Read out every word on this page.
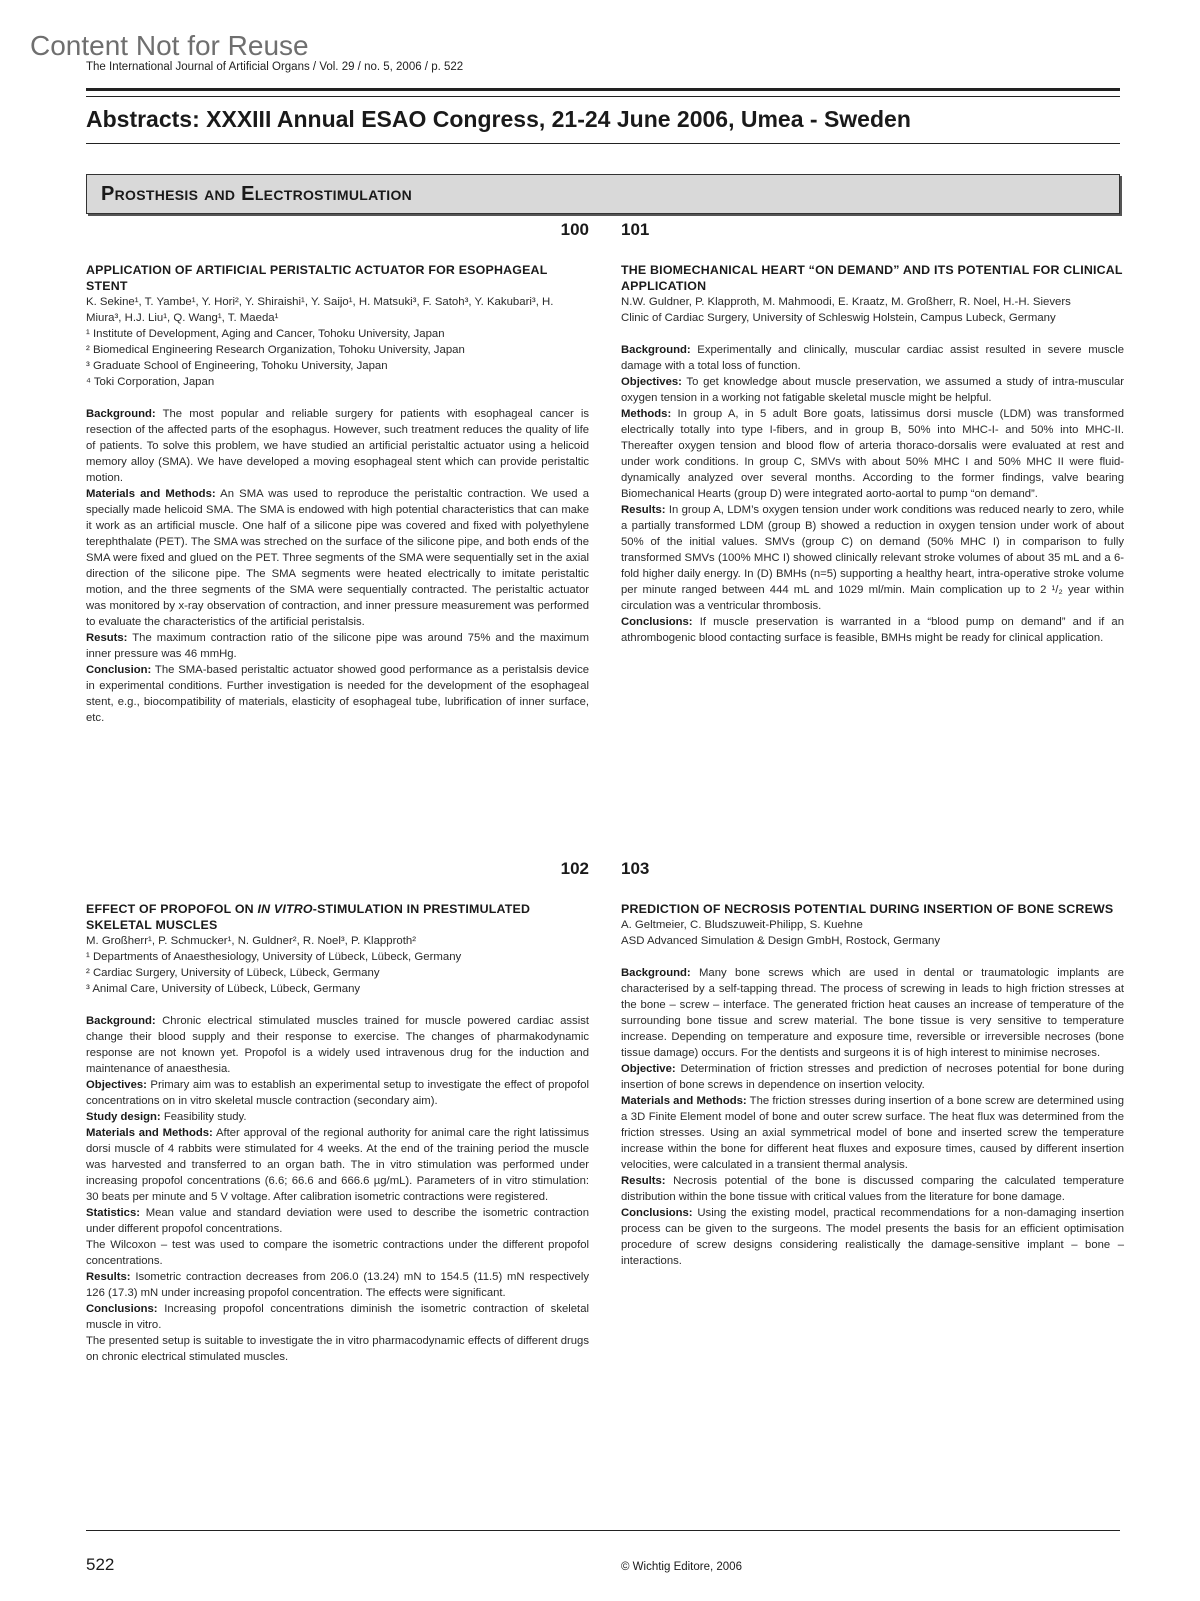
Content Not for Reuse
The International Journal of Artificial Organs / Vol. 29 / no. 5, 2006 / p. 522
Abstracts: XXXIII Annual ESAO Congress, 21-24 June 2006, Umea - Sweden
Prosthesis and Electrostimulation
100
APPLICATION OF ARTIFICIAL PERISTALTIC ACTUATOR FOR ESOPHAGEAL STENT
K. Sekine¹, T. Yambe¹, Y. Hori², Y. Shiraishi¹, Y. Saijo¹, H. Matsuki³, F. Satoh³, Y. Kakubari³, H. Miura³, H.J. Liu¹, Q. Wang¹, T. Maeda¹
¹ Institute of Development, Aging and Cancer, Tohoku University, Japan
² Biomedical Engineering Research Organization, Tohoku University, Japan
³ Graduate School of Engineering, Tohoku University, Japan
⁴ Toki Corporation, Japan
Background: The most popular and reliable surgery for patients with esophageal cancer is resection of the affected parts of the esophagus. However, such treatment reduces the quality of life of patients. To solve this problem, we have studied an artificial peristaltic actuator using a helicoid memory alloy (SMA). We have developed a moving esophageal stent which can provide peristaltic motion.
Materials and Methods: An SMA was used to reproduce the peristaltic contraction. We used a specially made helicoid SMA. The SMA is endowed with high potential characteristics that can make it work as an artificial muscle. One half of a silicone pipe was covered and fixed with polyethylene terephthalate (PET). The SMA was streched on the surface of the silicone pipe, and both ends of the SMA were fixed and glued on the PET. Three segments of the SMA were sequentially set in the axial direction of the silicone pipe. The SMA segments were heated electrically to imitate peristaltic motion, and the three segments of the SMA were sequentially contracted. The peristaltic actuator was monitored by x-ray observation of contraction, and inner pressure measurement was performed to evaluate the characteristics of the artificial peristalsis.
Resuts: The maximum contraction ratio of the silicone pipe was around 75% and the maximum inner pressure was 46 mmHg.
Conclusion: The SMA-based peristaltic actuator showed good performance as a peristalsis device in experimental conditions. Further investigation is needed for the development of the esophageal stent, e.g., biocompatibility of materials, elasticity of esophageal tube, lubrification of inner surface, etc.
101
THE BIOMECHANICAL HEART “ON DEMAND” AND ITS POTENTIAL FOR CLINICAL APPLICATION
N.W. Guldner, P. Klapproth, M. Mahmoodi, E. Kraatz, M. Großherr, R. Noel, H.-H. Sievers
Clinic of Cardiac Surgery, University of Schleswig Holstein, Campus Lubeck, Germany
Background: Experimentally and clinically, muscular cardiac assist resulted in severe muscle damage with a total loss of function.
Objectives: To get knowledge about muscle preservation, we assumed a study of intra-muscular oxygen tension in a working not fatigable skeletal muscle might be helpful.
Methods: In group A, in 5 adult Bore goats, latissimus dorsi muscle (LDM) was transformed electrically totally into type I-fibers, and in group B, 50% into MHC-I- and 50% into MHC-II. Thereafter oxygen tension and blood flow of arteria thoraco-dorsalis were evaluated at rest and under work conditions. In group C, SMVs with about 50% MHC I and 50% MHC II were fluid-dynamically analyzed over several months. According to the former findings, valve bearing Biomechanical Hearts (group D) were integrated aorto-aortal to pump “on demand”.
Results: In group A, LDM’s oxygen tension under work conditions was reduced nearly to zero, while a partially transformed LDM (group B) showed a reduction in oxygen tension under work of about 50% of the initial values. SMVs (group C) on demand (50% MHC I) in comparison to fully transformed SMVs (100% MHC I) showed clinically relevant stroke volumes of about 35 mL and a 6-fold higher daily energy. In (D) BMHs (n=5) supporting a healthy heart, intra-operative stroke volume per minute ranged between 444 mL and 1029 ml/min. Main complication up to 2 ¹/₂ year within circulation was a ventricular thrombosis.
Conclusions: If muscle preservation is warranted in a “blood pump on demand” and if an athrombogenic blood contacting surface is feasible, BMHs might be ready for clinical application.
102
EFFECT OF PROPOFOL ON IN VITRO-STIMULATION IN PRESTIMULATED SKELETAL MUSCLES
M. Großherr¹, P. Schmucker¹, N. Guldner², R. Noel³, P. Klapproth²
¹ Departments of Anaesthesiology, University of Lübeck, Lübeck, Germany
² Cardiac Surgery, University of Lübeck, Lübeck, Germany
³ Animal Care, University of Lübeck, Lübeck, Germany
Background: Chronic electrical stimulated muscles trained for muscle powered cardiac assist change their blood supply and their response to exercise. The changes of pharmakodynamic response are not known yet. Propofol is a widely used intravenous drug for the induction and maintenance of anaesthesia.
Objectives: Primary aim was to establish an experimental setup to investigate the effect of propofol concentrations on in vitro skeletal muscle contraction (secondary aim).
Study design: Feasibility study.
Materials and Methods: After approval of the regional authority for animal care the right latissimus dorsi muscle of 4 rabbits were stimulated for 4 weeks. At the end of the training period the muscle was harvested and transferred to an organ bath. The in vitro stimulation was performed under increasing propofol concentrations (6.6; 66.6 and 666.6 µg/mL). Parameters of in vitro stimulation: 30 beats per minute and 5 V voltage. After calibration isometric contractions were registered.
Statistics: Mean value and standard deviation were used to describe the isometric contraction under different propofol concentrations.
The Wilcoxon – test was used to compare the isometric contractions under the different propofol concentrations.
Results: Isometric contraction decreases from 206.0 (13.24) mN to 154.5 (11.5) mN respectively 126 (17.3) mN under increasing propofol concentration. The effects were significant.
Conclusions: Increasing propofol concentrations diminish the isometric contraction of skeletal muscle in vitro.
The presented setup is suitable to investigate the in vitro pharmacodynamic effects of different drugs on chronic electrical stimulated muscles.
103
PREDICTION OF NECROSIS POTENTIAL DURING INSERTION OF BONE SCREWS
A. Geltmeier, C. Bludszuweit-Philipp, S. Kuehne
ASD Advanced Simulation & Design GmbH, Rostock, Germany
Background: Many bone screws which are used in dental or traumatologic implants are characterised by a self-tapping thread. The process of screwing in leads to high friction stresses at the bone – screw – interface. The generated friction heat causes an increase of temperature of the surrounding bone tissue and screw material. The bone tissue is very sensitive to temperature increase. Depending on temperature and exposure time, reversible or irreversible necroses (bone tissue damage) occurs. For the dentists and surgeons it is of high interest to minimise necroses.
Objective: Determination of friction stresses and prediction of necroses potential for bone during insertion of bone screws in dependence on insertion velocity.
Materials and Methods: The friction stresses during insertion of a bone screw are determined using a 3D Finite Element model of bone and outer screw surface. The heat flux was determined from the friction stresses. Using an axial symmetrical model of bone and inserted screw the temperature increase within the bone for different heat fluxes and exposure times, caused by different insertion velocities, were calculated in a transient thermal analysis.
Results: Necrosis potential of the bone is discussed comparing the calculated temperature distribution within the bone tissue with critical values from the literature for bone damage.
Conclusions: Using the existing model, practical recommendations for a non-damaging insertion process can be given to the surgeons. The model presents the basis for an efficient optimisation procedure of screw designs considering realistically the damage-sensitive implant – bone – interactions.
522	© Wichtig Editore, 2006
